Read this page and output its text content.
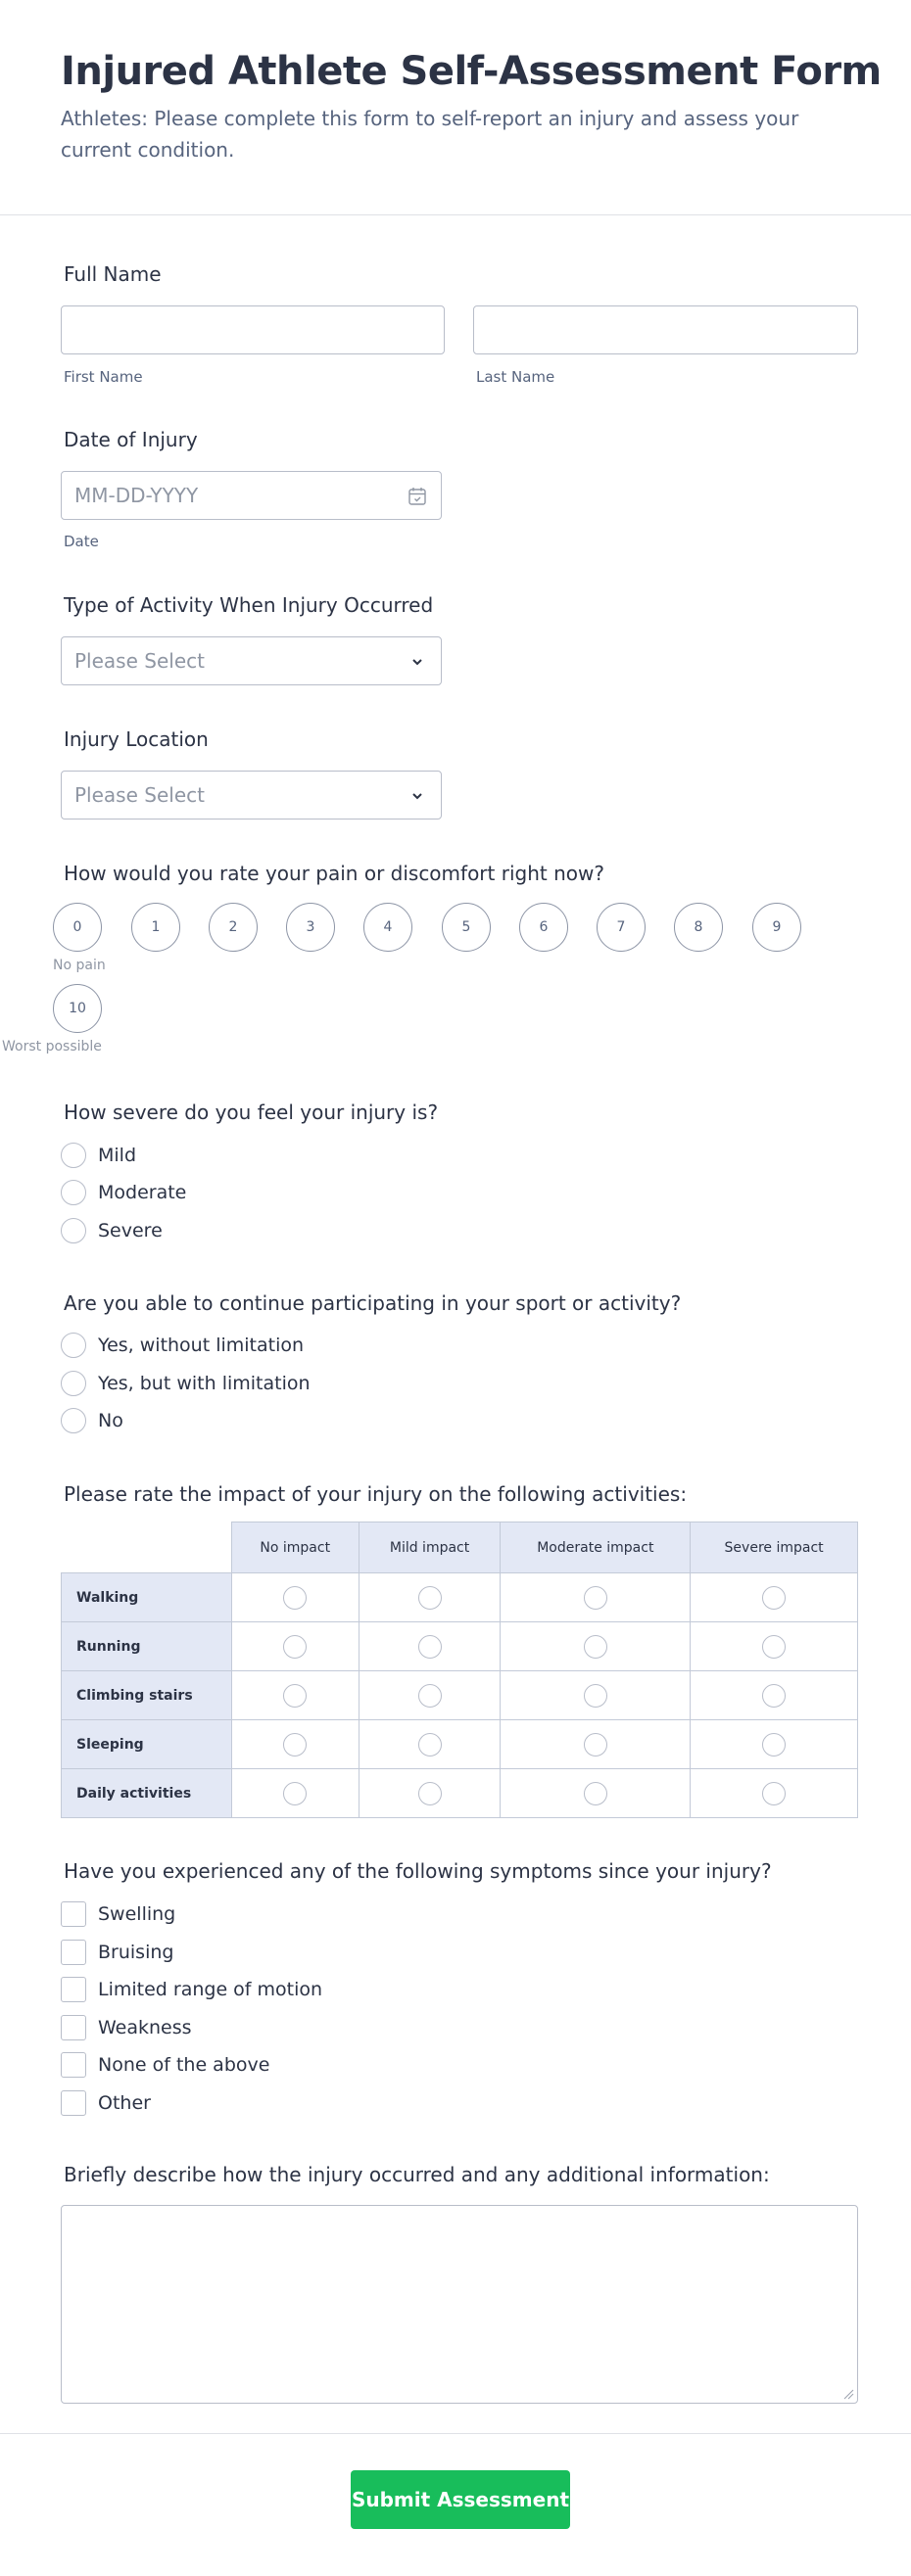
Injured Athlete Self-Assessment Form

Athletes: Please complete this form to self-report an injury and assess your current condition.

Full Name
First Name	Last Name
Date of Injury
MM-DD-YYYY
Date
Type of Activity When Injury Occurred
Please Select
Injury Location
Please Select
How would you rate your pain or discomfort right now?
0	1	2	3	4	5	6	7	8	9
No pain
10
Worst possible
How severe do you feel your injury is?
Mild
Moderate
Severe
Are you able to continue participating in your sport or activity?
Yes, without limitation
Yes, but with limitation
No
Please rate the impact of your injury on the following activities:
	No impact	Mild impact	Moderate impact	Severe impact
Walking				
Running				
Climbing stairs				
Sleeping				
Daily activities				
Have you experienced any of the following symptoms since your injury?
Swelling
Bruising
Limited range of motion
Weakness
None of the above
Other
Briefly describe how the injury occurred and any additional information:
Submit Assessment
